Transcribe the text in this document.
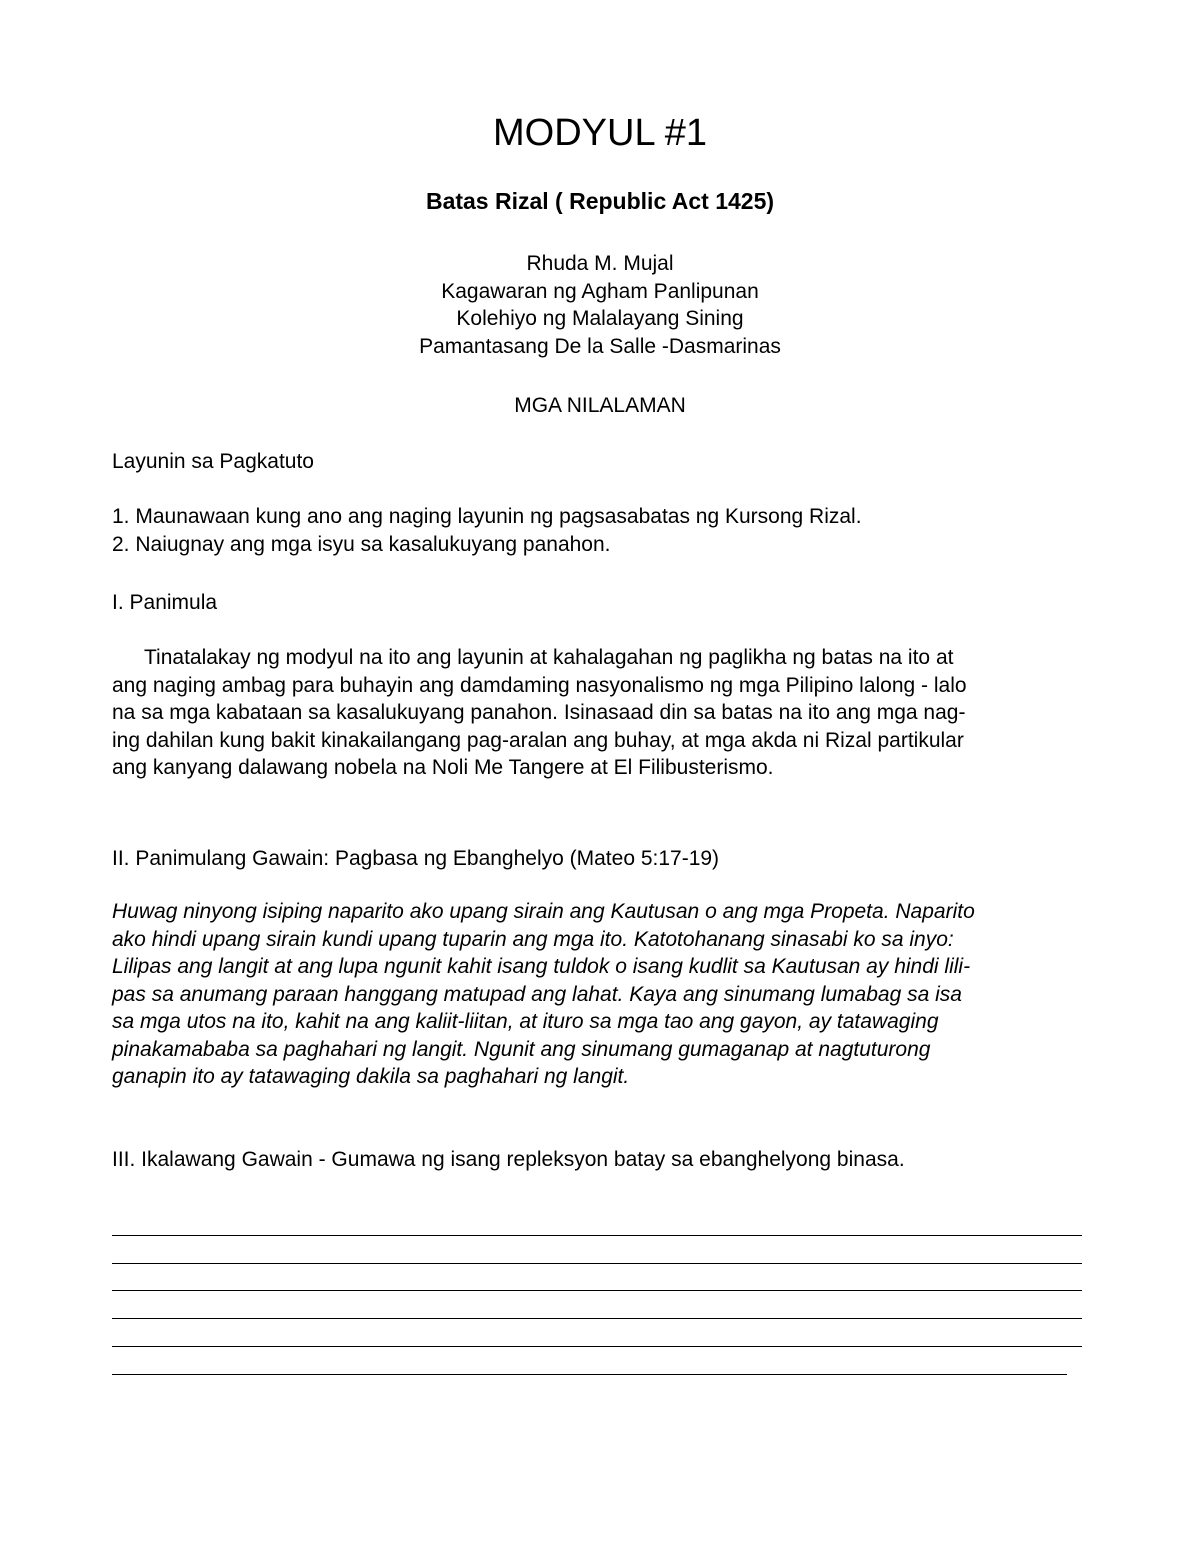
MODYUL #1
Batas Rizal ( Republic Act 1425)
Rhuda M. Mujal
Kagawaran ng Agham Panlipunan
Kolehiyo ng Malalayang Sining
Pamantasang De la Salle -Dasmarinas
MGA NILALAMAN
Layunin sa Pagkatuto
1. Maunawaan kung ano ang naging layunin ng pagsasabatas ng Kursong Rizal.
2. Naiugnay ang mga isyu sa kasalukuyang panahon.
I. Panimula
Tinatalakay ng modyul na ito ang layunin at kahalagahan ng paglikha ng batas na ito at
ang naging ambag para buhayin ang damdaming nasyonalismo ng mga Pilipino lalong - lalo
na sa mga kabataan sa kasalukuyang panahon. Isinasaad din sa batas na ito ang mga nag-
ing dahilan kung bakit kinakailangang pag-aralan ang buhay, at mga akda ni Rizal partikular
ang kanyang dalawang nobela na Noli Me Tangere at El Filibusterismo.
II. Panimulang Gawain: Pagbasa ng Ebanghelyo (Mateo 5:17-19)
Huwag ninyong isiping naparito ako upang sirain ang Kautusan o ang mga Propeta. Naparito
ako hindi upang sirain kundi upang tuparin ang mga ito. Katotohanang sinasabi ko sa inyo:
Lilipas ang langit at ang lupa ngunit kahit isang tuldok o isang kudlit sa Kautusan ay hindi lili-
pas sa anumang paraan hanggang matupad ang lahat. Kaya ang sinumang lumabag sa isa
sa mga utos na ito, kahit na ang kaliit-liitan, at ituro sa mga tao ang gayon, ay tatawaging
pinakamababa sa paghahari ng langit. Ngunit ang sinumang gumaganap at nagtuturong
ganapin ito ay tatawaging dakila sa paghahari ng langit.
III. Ikalawang Gawain - Gumawa ng isang repleksyon batay sa ebanghelyong binasa.
